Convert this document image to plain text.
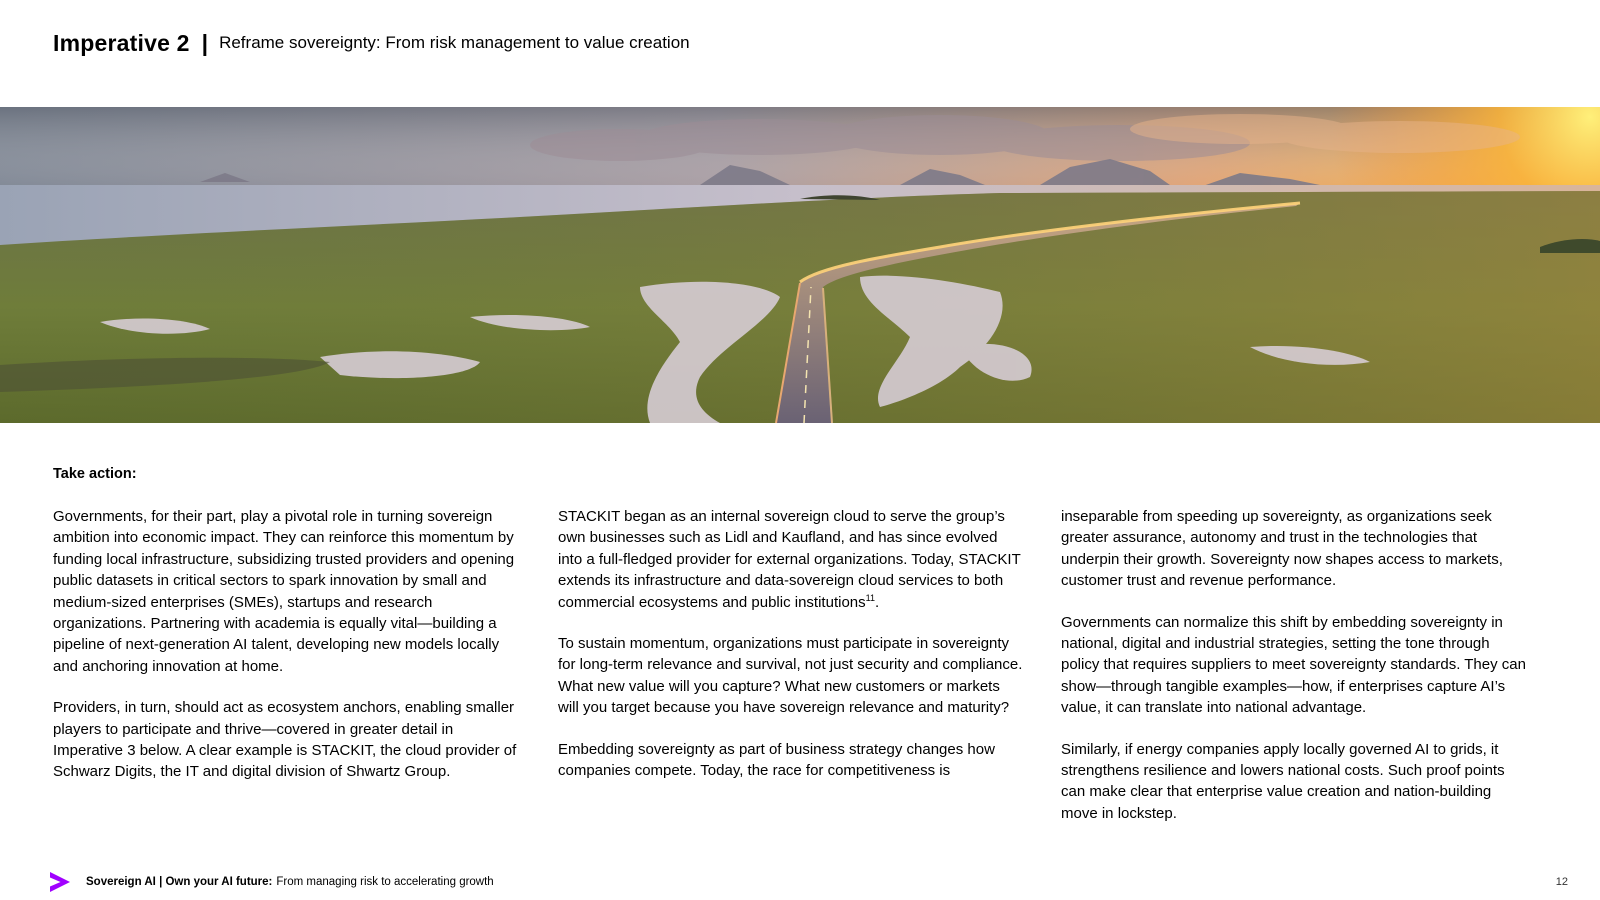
Imperative 2 | Reframe sovereignty: From risk management to value creation
Take action:

Governments, for their part, play a pivotal role in turning sovereign ambition into economic impact. They can reinforce this momentum by funding local infrastructure, subsidizing trusted providers and opening public datasets in critical sectors to spark innovation by small and medium-sized enterprises (SMEs), startups and research organizations. Partnering with academia is equally vital—building a pipeline of next-generation AI talent, developing new models locally and anchoring innovation at home.

Providers, in turn, should act as ecosystem anchors, enabling smaller players to participate and thrive—covered in greater detail in Imperative 3 below. A clear example is STACKIT, the cloud provider of Schwarz Digits, the IT and digital division of Shwartz Group.

STACKIT began as an internal sovereign cloud to serve the group’s own businesses such as Lidl and Kaufland, and has since evolved into a full-fledged provider for external organizations. Today, STACKIT extends its infrastructure and data-sovereign cloud services to both commercial ecosystems and public institutions$^{11}$.

To sustain momentum, organizations must participate in sovereignty for long-term relevance and survival, not just security and compliance. What new value will you capture? What new customers or markets will you target because you have sovereign relevance and maturity?

Embedding sovereignty as part of business strategy changes how companies compete. Today, the race for competitiveness is

inseparable from speeding up sovereignty, as organizations seek greater assurance, autonomy and trust in the technologies that underpin their growth. Sovereignty now shapes access to markets, customer trust and revenue performance.

Governments can normalize this shift by embedding sovereignty in national, digital and industrial strategies, setting the tone through policy that requires suppliers to meet sovereignty standards. They can show—through tangible examples—how, if enterprises capture AI’s value, it can translate into national advantage.

Similarly, if energy companies apply locally governed AI to grids, it strengthens resilience and lowers national costs. Such proof points can make clear that enterprise value creation and nation-building move in lockstep.

Sovereign AI | Own your AI future: From managing risk to accelerating growth	12
